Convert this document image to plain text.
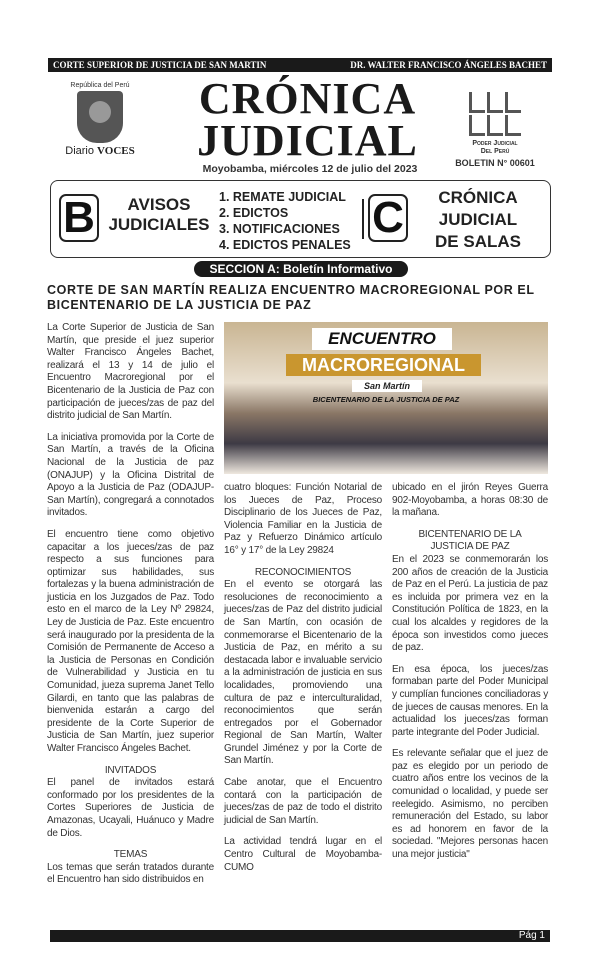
CORTE SUPERIOR DE JUSTICIA DE SAN MARTIN	DR. WALTER FRANCISCO ÁNGELES BACHET
República del Perú
Diario VOCES
CRÓNICA
JUDICIAL
Moyobamba, miércoles 12 de julio del 2023
Poder Judicial
Del Perú
BOLETIN N° 00601
B	AVISOS
JUDICIALES
1. REMATE JUDICIAL
2. EDICTOS
3. NOTIFICACIONES
4. EDICTOS PENALES
C	CRÓNICA
JUDICIAL
DE SALAS
SECCION A: Boletín Informativo
CORTE DE SAN MARTÍN REALIZA ENCUENTRO MACROREGIONAL POR EL BICENTENARIO DE LA JUSTICIA DE PAZ
ENCUENTRO
MACROREGIONAL
San Martín
BICENTENARIO DE LA JUSTICIA DE PAZ

La Corte Superior de Justicia de San Martín, que preside el juez superior Walter Francisco Ángeles Bachet, realizará el 13 y 14 de julio el Encuentro Macroregional por el Bicentenario de la Justicia de Paz con participación de jueces/zas de paz del distrito judicial de San Martín.

La iniciativa promovida por la Corte de San Martín, a través de la Oficina Nacional de la Justicia de paz (ONAJUP) y la Oficina Distrital de Apoyo a la Justicia de Paz (ODAJUP-San Martín), congregará a connotados invitados.

El encuentro tiene como objetivo capacitar a los jueces/zas de paz respecto a sus funciones para optimizar sus habilidades, sus fortalezas y la buena administración de justicia en los Juzgados de Paz. Todo esto en el marco de la Ley Nº 29824, Ley de Justicia de Paz. Este encuentro será inaugurado por la presidenta de la Comisión de Permanente de Acceso a la Justicia de Personas en Condición de Vulnerabilidad y Justicia en tu Comunidad, jueza suprema Janet Tello Gilardi, en tanto que las palabras de bienvenida estarán a cargo del presidente de la Corte Superior de Justicia de San Martín, juez superior Walter Francisco Ángeles Bachet.

INVITADOS

El panel de invitados estará conformado por los presidentes de la Cortes Superiores de Justicia de Amazonas, Ucayali, Huánuco y Madre de Dios.

TEMAS

Los temas que serán tratados durante el Encuentro han sido distribuidos en

cuatro bloques: Función Notarial de los Jueces de Paz, Proceso Disciplinario de los Jueces de Paz, Violencia Familiar en la Justicia de Paz y Refuerzo Dinámico artículo 16° y 17° de la Ley 29824

RECONOCIMIENTOS

En el evento se otorgará las resoluciones de reconocimiento a jueces/zas de Paz del distrito judicial de San Martín, con ocasión de conmemorarse el Bicentenario de la Justicia de Paz, en mérito a su destacada labor e invaluable servicio a la administración de justicia en sus localidades, promoviendo una cultura de paz e interculturalidad, reconocimientos que serán entregados por el Gobernador Regional de San Martín, Walter Grundel Jiménez y por la Corte de San Martín.

Cabe anotar, que el Encuentro contará con la participación de jueces/zas de paz de todo el distrito judicial de San Martín.

La actividad tendrá lugar en el Centro Cultural de Moyobamba-CUMO

ubicado en el jirón Reyes Guerra 902-Moyobamba, a horas 08:30 de la mañana.

BICENTENARIO DE LA JUSTICIA DE PAZ

En el 2023 se conmemorarán los 200 años de creación de la Justicia de Paz en el Perú. La justicia de paz es incluida por primera vez en la Constitución Política de 1823, en la cual los alcaldes y regidores de la época son investidos como jueces de paz.

En esa época, los jueces/zas formaban parte del Poder Municipal y cumplían funciones conciliadoras y de jueces de causas menores. En la actualidad los jueces/zas forman parte integrante del Poder Judicial.

Es relevante señalar que el juez de paz es elegido por un periodo de cuatro años entre los vecinos de la comunidad o localidad, y puede ser reelegido. Asimismo, no perciben remuneración del Estado, su labor es ad honorem en favor de la sociedad. "Mejores personas hacen una mejor justicia"

Pág 1
